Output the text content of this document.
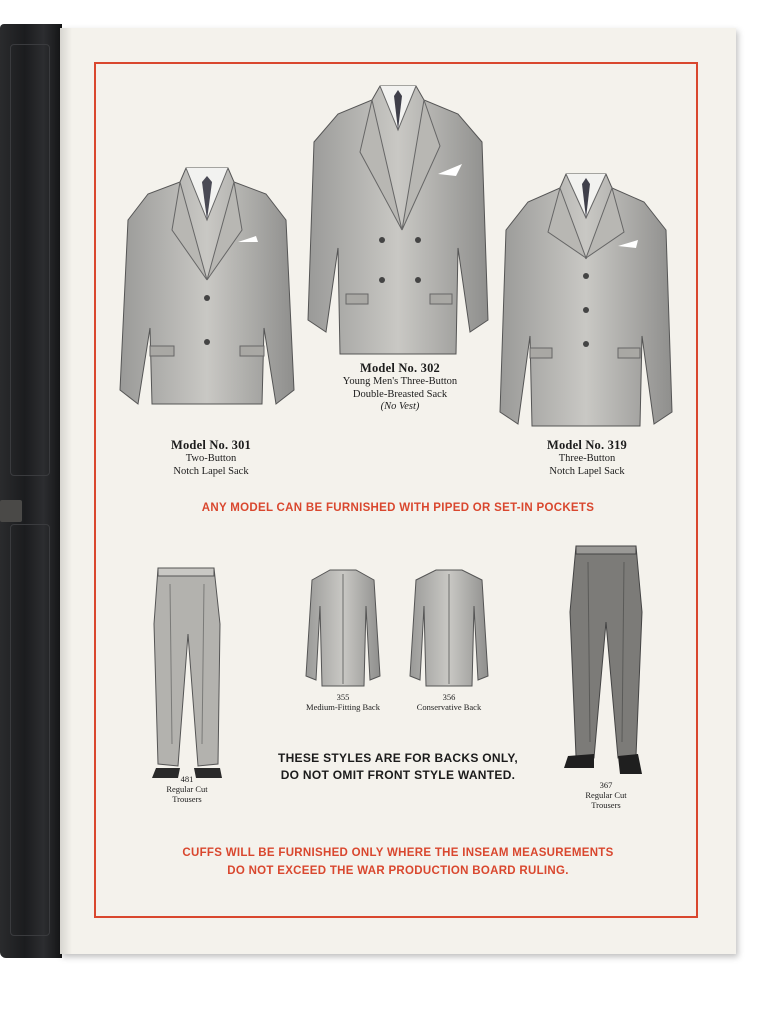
Model No. 301
Two-Button
Notch Lapel Sack
Model No. 302
Young Men's Three-Button
Double-Breasted Sack
(No Vest)
Model No. 319
Three-Button
Notch Lapel Sack
ANY MODEL CAN BE FURNISHED WITH PIPED OR SET-IN POCKETS
481
Regular Cut
Trousers
355
Medium-Fitting Back
356
Conservative Back
367
Regular Cut
Trousers
THESE STYLES ARE FOR BACKS ONLY,
DO NOT OMIT FRONT STYLE WANTED.
CUFFS WILL BE FURNISHED ONLY WHERE THE INSEAM MEASUREMENTS
DO NOT EXCEED THE WAR PRODUCTION BOARD RULING.
